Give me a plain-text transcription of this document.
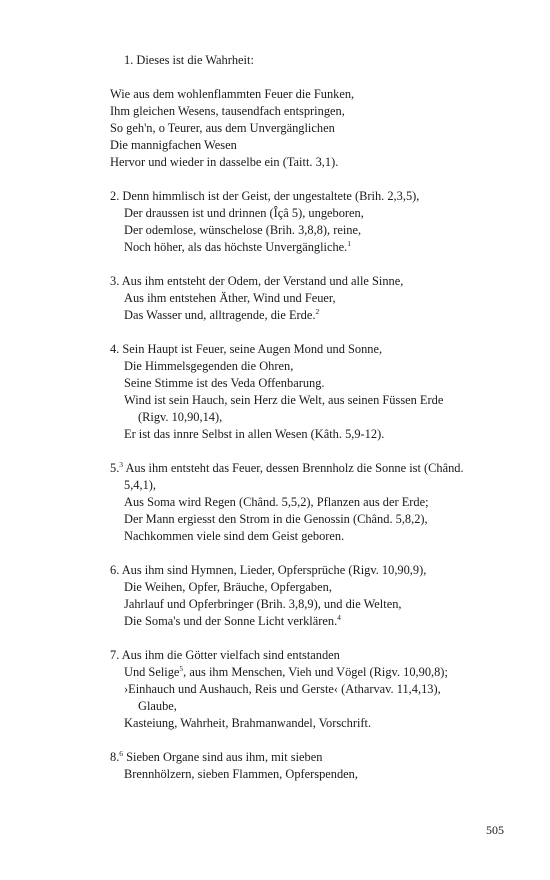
1. Dieses ist die Wahrheit:
Wie aus dem wohlenflammten Feuer die Funken,
Ihm gleichen Wesens, tausendfach entspringen,
So geh'n, o Teurer, aus dem Unvergänglichen
Die mannigfachen Wesen
Hervor und wieder in dasselbe ein (Taitt. 3,1).
2. Denn himmlisch ist der Geist, der ungestaltete (Brih. 2,3,5),
Der draussen ist und drinnen (Îçâ 5), ungeboren,
Der odemlose, wünschelose (Brih. 3,8,8), reine,
Noch höher, als das höchste Unvergängliche.$^1$
3. Aus ihm entsteht der Odem, der Verstand und alle Sinne,
Aus ihm entstehen Äther, Wind und Feuer,
Das Wasser und, alltragende, die Erde.$^2$
4. Sein Haupt ist Feuer, seine Augen Mond und Sonne,
Die Himmelsgegenden die Ohren,
Seine Stimme ist des Veda Offenbarung.
Wind ist sein Hauch, sein Herz die Welt, aus seinen Füssen Erde
(Rigv. 10,90,14),
Er ist das innre Selbst in allen Wesen (Kâth. 5,9-12).
5.$^3$ Aus ihm entsteht das Feuer, dessen Brennholz die Sonne ist (Chând.
5,4,1),
Aus Soma wird Regen (Chând. 5,5,2), Pflanzen aus der Erde;
Der Mann ergiesst den Strom in die Genossin (Chând. 5,8,2),
Nachkommen viele sind dem Geist geboren.
6. Aus ihm sind Hymnen, Lieder, Opfersprüche (Rigv. 10,90,9),
Die Weihen, Opfer, Bräuche, Opfergaben,
Jahrlauf und Opferbringer (Brih. 3,8,9), und die Welten,
Die Soma's und der Sonne Licht verklären.$^4$
7. Aus ihm die Götter vielfach sind entstanden
Und Selige$^5$, aus ihm Menschen, Vieh und Vögel (Rigv. 10,90,8);
›Einhauch und Aushauch, Reis und Gerste‹ (Atharvav. 11,4,13),
Glaube,
Kasteiung, Wahrheit, Brahmanwandel, Vorschrift.
8.$^6$ Sieben Organe sind aus ihm, mit sieben
Brennhölzern, sieben Flammen, Opferspenden,
505
